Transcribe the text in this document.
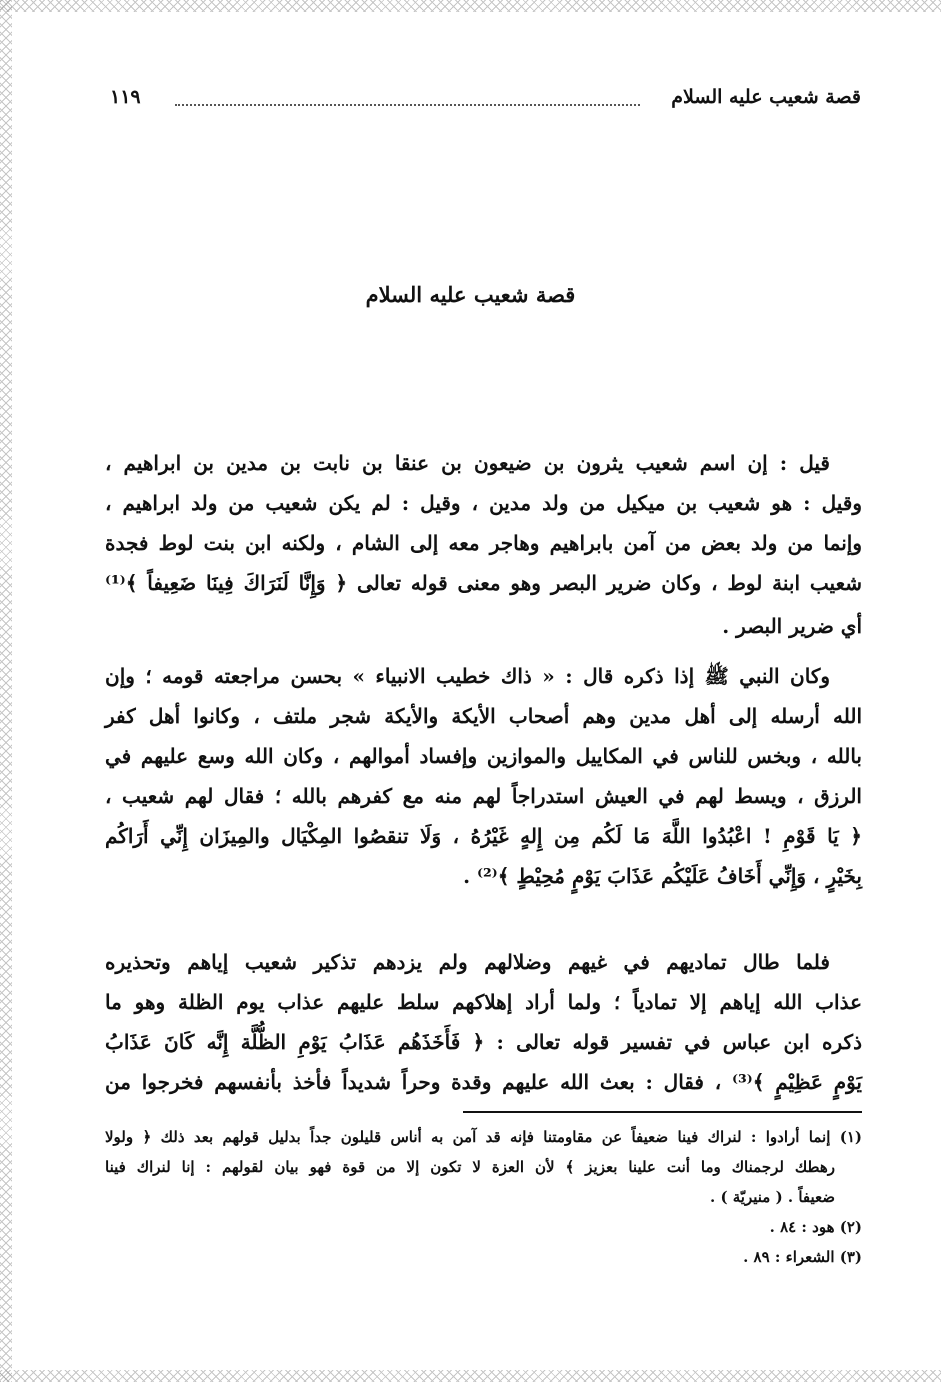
قصة شعيب عليه السلام
١١٩
قصة شعيب عليه السلام
قيل : إن اسم شعيب يثرون بن ضيعون بن عنقا بن نابت بن مدين بن ابراهيم ،
وقيل : هو شعيب بن ميكيل من ولد مدين ، وقيل : لم يكن شعيب من ولد ابراهيم ،
وإنما من ولد بعض من آمن بابراهيم وهاجر معه إلى الشام ، ولكنه ابن بنت لوط فجدة
شعيب ابنة لوط ، وكان ضرير البصر وهو معنى قوله تعالى ﴿ وَإِنَّا لَنَرَاكَ فِينَا ضَعِيفاً ﴾⁽¹⁾
أي ضرير البصر .
وكان النبي ﷺ إذا ذكره قال : « ذاك خطيب الانبياء » بحسن مراجعته قومه ؛ وإن
الله أرسله إلى أهل مدين وهم أصحاب الأيكة والأيكة شجر ملتف ، وكانوا أهل كفر
بالله ، وبخس للناس في المكاييل والموازين وإفساد أموالهم ، وكان الله وسع عليهم في
الرزق ، ويسط لهم في العيش استدراجاً لهم منه مع كفرهم بالله ؛ فقال لهم شعيب ،
﴿ يَا قَوْمِ ! اعْبُدُوا اللَّهَ مَا لَكُم مِن إِلهٍ غَيْرُهُ ، وَلَا تنقصُوا المِكْيَال والمِيزَان إِنِّي أَرَاكُم
بِخَيْرٍ ، وَإِنِّي أَخَافُ عَلَيْكُم عَذَابَ يَوْمٍ مُحِيْطٍ ﴾⁽²⁾ .
فلما طال تماديهم في غيهم وضلالهم ولم يزدهم تذكير شعيب إياهم وتحذيره
عذاب الله إياهم إلا تمادياً ؛ ولما أراد إهلاكهم سلط عليهم عذاب يوم الظلة وهو ما
ذكره ابن عباس في تفسير قوله تعالى : ﴿ فَأَخَذَهُم عَذَابُ يَوْمِ الظُّلَّة إِنَّه كَانَ عَذَابُ
يَوْمٍ عَظِيْمٍ ﴾⁽³⁾ ، فقال : بعث الله عليهم وقدة وحراً شديداً فأخذ بأنفسهم فخرجوا من
(١) إنما أرادوا : لنراك فينا ضعيفاً عن مقاومتنا فإنه قد آمن به أناس قليلون جداً بدليل قولهم بعد ذلك ﴿ ولولا
رهطك لرجمناك وما أنت علينا بعزيز ﴾ لأن العزة لا تكون إلا من قوة فهو بيان لقولهم : إنا لنراك فينا
ضعيفاً . ( منيريّة ) .
(٢) هود : ٨٤ .
(٣) الشعراء : ٨٩ .
